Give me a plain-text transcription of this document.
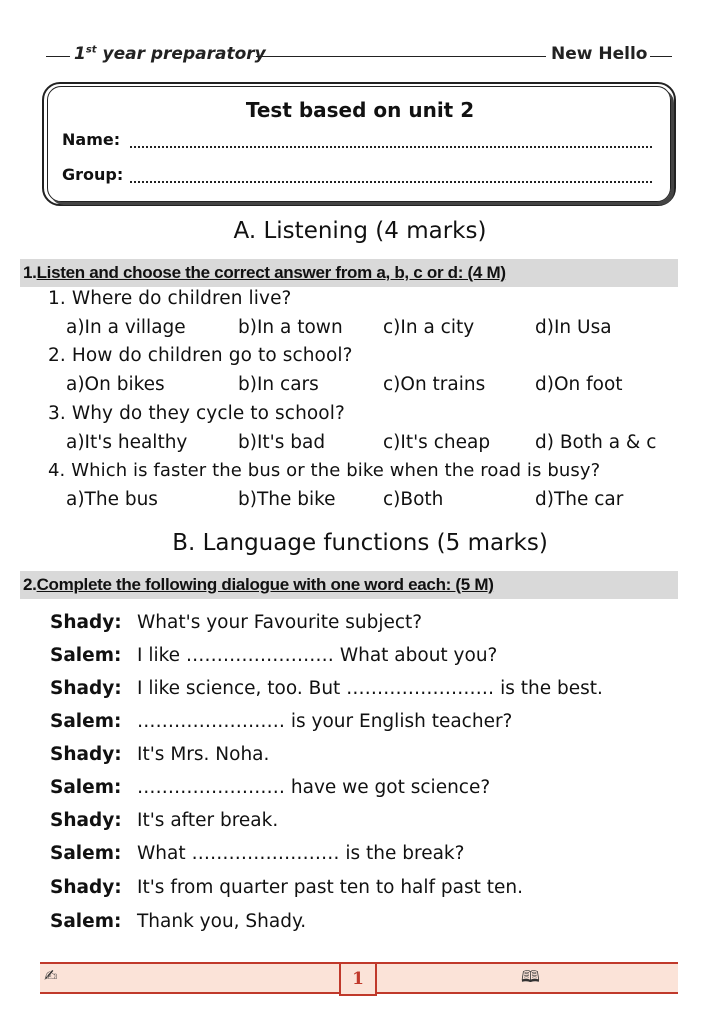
1st year preparatory	New Hello
Test based on unit 2
Name:
Group:
A. Listening (4 marks)
1.Listen and choose the correct answer from a, b, c or d: (4 M)
1. Where do children live?
a)In a village	b)In a town c)In a city	d)In Usa
2. How do children go to school?
a)On bikes	b)In cars	c)On trains	d)On foot
3. Why do they cycle to school?
a)It's healthy	b)It's bad	c)It's cheap d) Both a & c
4. Which is faster the bus or the bike when the road is busy?
a)The bus	b)The bike	c)Both	d)The car
B. Language functions (5 marks)
2.Complete the following dialogue with one word each: (5 M)
Shady: What's your Favourite subject?
Salem: I like …………………… What about you?
Shady: I like science, too. But …………………… is the best.
Salem: …………………… is your English teacher?
Shady: It's Mrs. Noha.
Salem: …………………… have we got science?
Shady: It's after break.
Salem: What …………………… is the break?
Shady: It's from quarter past ten to half past ten.
Salem: Thank you, Shady.
✍	1	🕮
